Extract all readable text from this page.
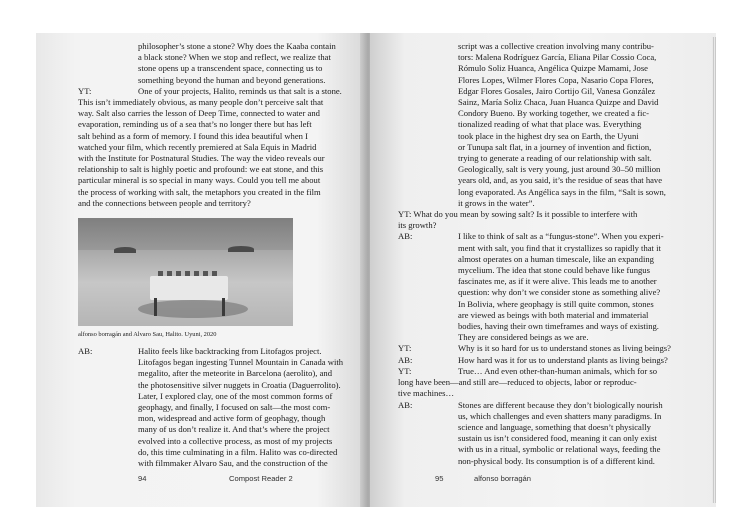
philosopher’s stone a stone? Why does the Kaaba contain

a black stone? When we stop and reflect, we realize that

stone opens up a transcendent space, connecting us to

something beyond the human and beyond generations.

YT:	One of your projects, Halito, reminds us that salt is a stone.

This isn’t immediately obvious, as many people don’t perceive salt that

way. Salt also carries the lesson of Deep Time, connected to water and

evaporation, reminding us of a sea that’s no longer there but has left

salt behind as a form of memory. I found this idea beautiful when I

watched your film, which recently premiered at Sala Equis in Madrid

with the Institute for Postnatural Studies. The way the video reveals our

relationship to salt is highly poetic and profound: we eat stone, and this

particular mineral is so special in many ways. Could you tell me about

the process of working with salt, the metaphors you created in the film

and the connections between people and territory?

alfonso borragán and Alvaro Sau, Halito. Uyuni, 2020

AB:	Halito feels like backtracking from Litofagos project.

Litofagos began ingesting Tunnel Mountain in Canada with

megalito, after the meteorite in Barcelona (aerolito), and

the photosensitive silver nuggets in Croatia (Daguerrolito).

Later, I explored clay, one of the most common forms of

geophagy, and finally, I focused on salt—the most com-

mon, widespread and active form of geophagy, though

many of us don’t realize it. And that’s where the project

evolved into a collective process, as most of my projects

do, this time culminating in a film. Halito was co-directed

with filmmaker Alvaro Sau, and the construction of the

94	Compost Reader 2

script was a collective creation involving many contribu-

tors: Malena Rodríguez García, Eliana Pilar Cossio Coca,

Rómulo Soliz Huanca, Angélica Quizpe Mamami, Jose

Flores Lopes, Wilmer Flores Copa, Nasario Copa Flores,

Edgar Flores Gosales, Jairo Cortijo Gil, Vanesa González

Sainz, María Soliz Chaca, Juan Huanca Quizpe and David

Condory Bueno. By working together, we created a fic-

tionalized reading of what that place was. Everything

took place in the highest dry sea on Earth, the Uyuni

or Tunupa salt flat, in a journey of invention and fiction,

trying to generate a reading of our relationship with salt.

Geologically, salt is very young, just around 30–50 million

years old, and, as you said, it’s the residue of seas that have

long evaporated. As Angélica says in the film, “Salt is sown,

it grows in the water”.

YT: What do you mean by sowing salt? Is it possible to interfere with

its growth?

AB:	I like to think of salt as a “fungus-stone”. When you experi-

ment with salt, you find that it crystallizes so rapidly that it

almost operates on a human timescale, like an expanding

mycelium. The idea that stone could behave like fungus

fascinates me, as if it were alive. This leads me to another

question: why don’t we consider stone as something alive?

In Bolivia, where geophagy is still quite common, stones

are viewed as beings with both material and immaterial

bodies, having their own timeframes and ways of existing.

They are considered beings as we are.

YT:	Why is it so hard for us to understand stones as living beings?

AB:	How hard was it for us to understand plants as living beings?

YT:	True… And even other-than-human animals, which for so

long have been—and still are—reduced to objects, labor or reproduc-

tive machines…

AB:	Stones are different because they don’t biologically nourish

us, which challenges and even shatters many paradigms. In

science and language, something that doesn’t physically

sustain us isn’t considered food, meaning it can only exist

with us in a ritual, symbolic or relational ways, feeding the

non-physical body. Its consumption is of a different kind.

95	alfonso borragán
